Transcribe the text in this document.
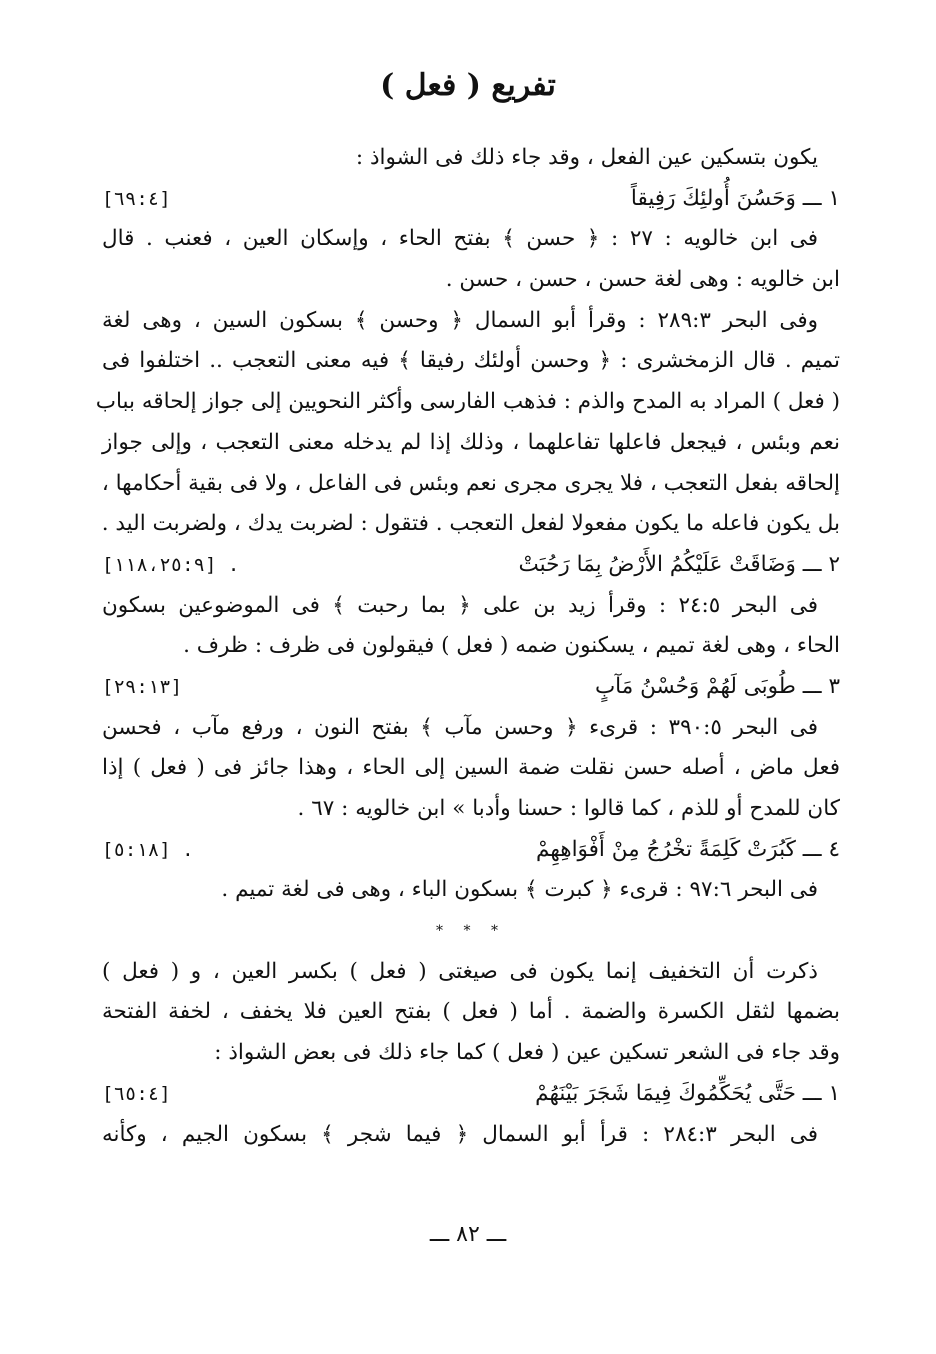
تفريع ( فعل )
يكون بتسكين عين الفعل ، وقد جاء ذلك فى الشواذ :
١ ـــ وَحَسُنَ أُولئِكَ رَفِيقاً
[٦٩:٤]
فى ابن خالويه : ٢٧ : ﴿ حسن ﴾ بفتح الحاء ، وإسكان العين ، فعنب . قال
ابن خالويه : وهى لغة حسن ، حسن ، حسن .
وفى البحر ٢٨٩:٣ : وقرأ أبو السمال ﴿ وحسن ﴾ بسكون السين ، وهى لغة
تميم . قال الزمخشرى : ﴿ وحسن أولئك رفيقا ﴾ فيه معنى التعجب .. اختلفوا فى
( فعل ) المراد به المدح والذم : فذهب الفارسى وأكثر النحويين إلى جواز إلحاقه بباب
نعم وبئس ، فيجعل فاعلها تفاعلهما ، وذلك إذا لم يدخله معنى التعجب ، وإلى جواز
إلحاقه بفعل التعجب ، فلا يجرى مجرى نعم وبئس فى الفاعل ، ولا فى بقية أحكامها ،
بل يكون فاعله ما يكون مفعولا لفعل التعجب . فتقول : لضربت يدك ، ولضربت اليد .
٢ ـــ وَضَاقَتْ عَلَيْكُمُ الأَرْضُ بِمَا رَحُبَتْ
[١١٨،٢٥:٩] .
فى البحر ٢٤:٥ : وقرأ زيد بن على ﴿ بما رحبت ﴾ فى الموضوعين بسكون
الحاء ، وهى لغة تميم ، يسكنون ضمه ( فعل ) فيقولون فى ظرف : ظرف .
٣ ـــ طُوبَى لَهُمْ وَحُسْنُ مَآبٍ
[٢٩:١٣]
فى البحر ٣٩٠:٥ : قرىء ﴿ وحسن مآب ﴾ بفتح النون ، ورفع مآب ، فحسن
فعل ماض ، أصله حسن نقلت ضمة السين إلى الحاء ، وهذا جائز فى ( فعل ) إذا
كان للمدح أو للذم ، كما قالوا : حسنا وأدبا » ابن خالويه : ٦٧ .
٤ ـــ كَبُرَتْ كَلِمَةً تخْرُجُ مِنْ أَفْوَاهِهِمْ
[٥:١٨] .
فى البحر ٩٧:٦ : قرىء ﴿ كبرت ﴾ بسكون الباء ، وهى فى لغة تميم .
* * *
ذكرت أن التخفيف إنما يكون فى صيغتى ( فعل ) بكسر العين ، و ( فعل )
بضمها لثقل الكسرة والضمة . أما ( فعل ) بفتح العين فلا يخفف ، لخفة الفتحة
وقد جاء فى الشعر تسكين عين ( فعل ) كما جاء ذلك فى بعض الشواذ :
١ ـــ حَتَّى يُحَكِّمُوكَ فِيمَا شَجَرَ بَيْنَهُمْ
[٦٥:٤]
فى البحر ٢٨٤:٣ : قرأ أبو السمال ﴿ فيما شجر ﴾ بسكون الجيم ، وكأنه
ـــ ٨٢ ـــ
